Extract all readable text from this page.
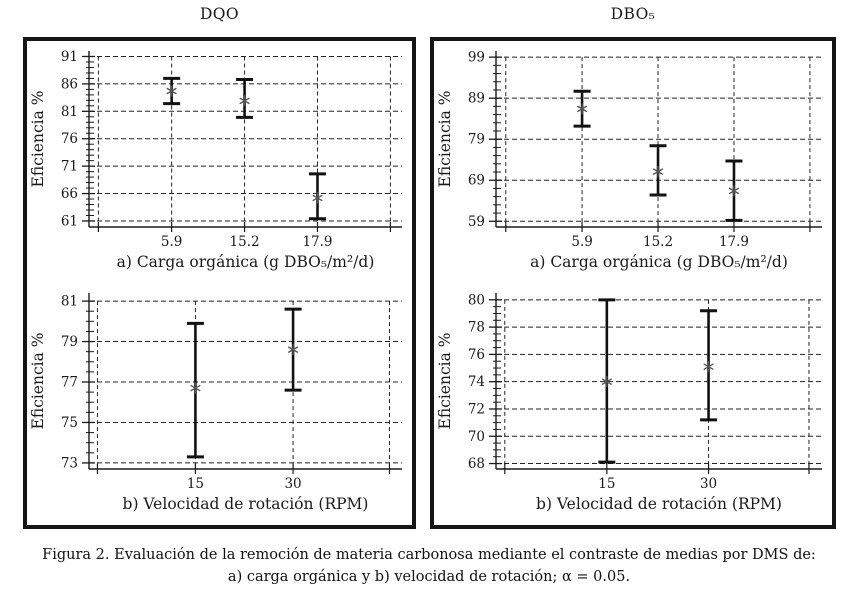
DQO	DBO₅
61
66
71
76
81
86
91
5.9	15.2	17.9
a) Carga orgánica (g DBO₅/m²/d)
Eficiencia %
73
75
77
79
81
15	30
b) Velocidad de rotación (RPM)
Eficiencia %
59
69
79
89
99
5.9	15.2	17.9
a) Carga orgánica (g DBO₅/m²/d)
Eficiencia %
68
70
72
74
76
78
80
15	30
b) Velocidad de rotación (RPM)
Eficiencia %
Figura 2. Evaluación de la remoción de materia carbonosa mediante el contraste de medias por DMS de:
a) carga orgánica y b) velocidad de rotación; α = 0.05.
